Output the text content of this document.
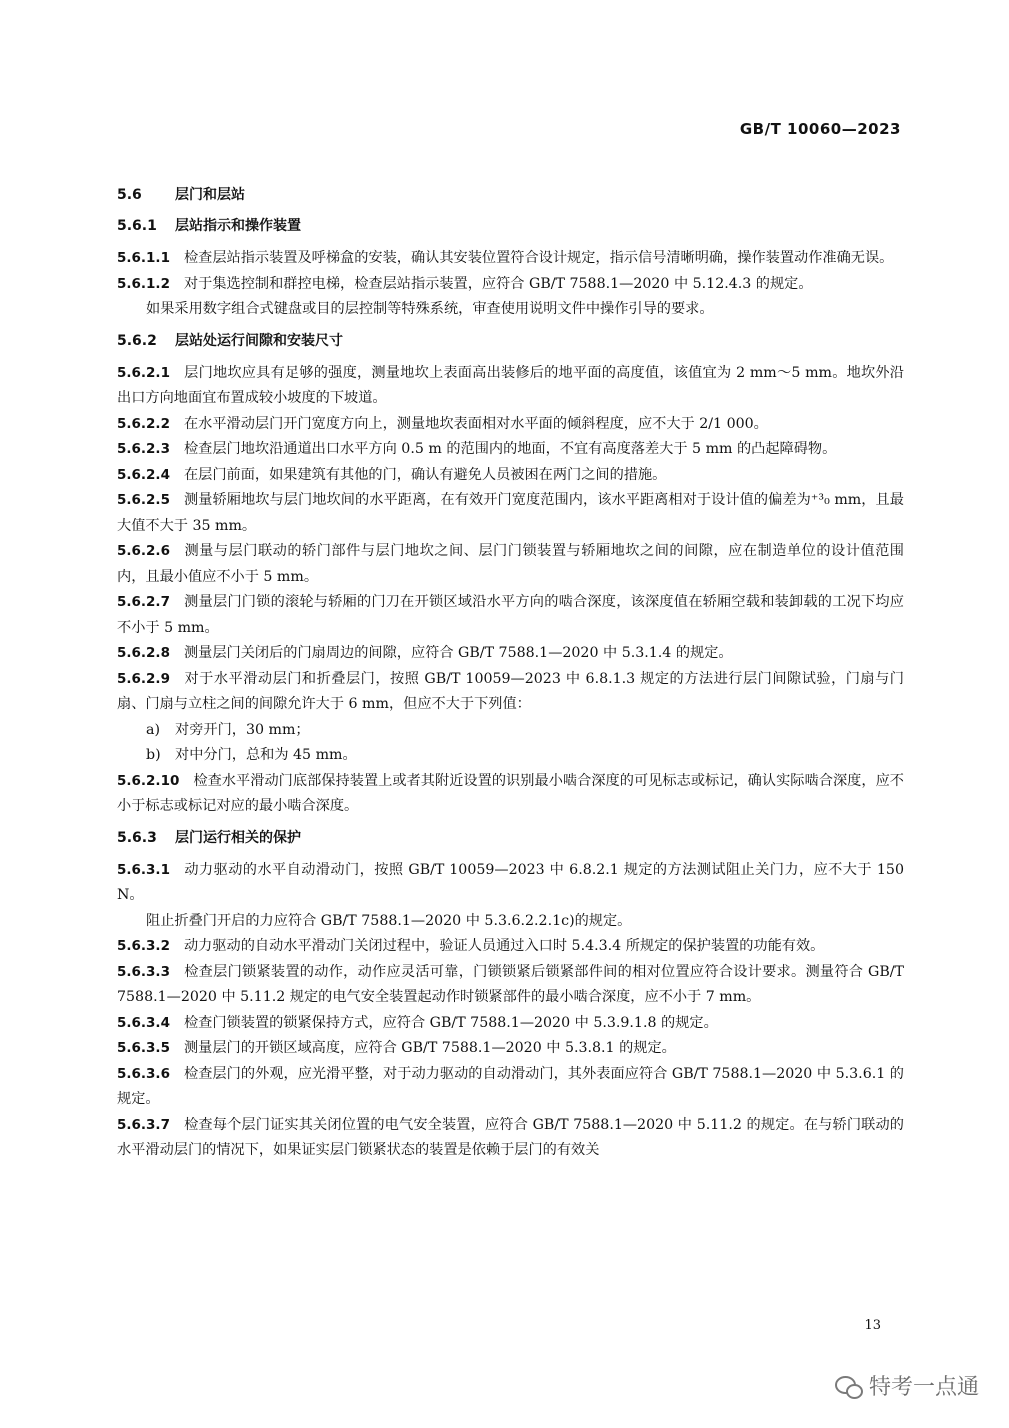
GB/T 10060—2023
5.6 层门和层站
5.6.1 层站指示和操作装置

5.6.1.1 检查层站指示装置及呼梯盒的安装，确认其安装位置符合设计规定，指示信号清晰明确，操作装置动作准确无误。

5.6.1.2 对于集选控制和群控电梯，检查层站指示装置，应符合 GB/T 7588.1—2020 中 5.12.4.3 的规定。

如果采用数字组合式键盘或目的层控制等特殊系统，审查使用说明文件中操作引导的要求。

5.6.2 层站处运行间隙和安装尺寸

5.6.2.1 层门地坎应具有足够的强度，测量地坎上表面高出装修后的地平面的高度值，该值宜为 2 mm～5 mm。地坎外沿出口方向地面宜布置成较小坡度的下坡道。

5.6.2.2 在水平滑动层门开门宽度方向上，测量地坎表面相对水平面的倾斜程度，应不大于 2/1 000。

5.6.2.3 检查层门地坎沿通道出口水平方向 0.5 m 的范围内的地面，不宜有高度落差大于 5 mm 的凸起障碍物。

5.6.2.4 在层门前面，如果建筑有其他的门，确认有避免人员被困在两门之间的措施。

5.6.2.5 测量轿厢地坎与层门地坎间的水平距离，在有效开门宽度范围内，该水平距离相对于设计值的偏差为⁺³₀ mm，且最大值不大于 35 mm。

5.6.2.6 测量与层门联动的轿门部件与层门地坎之间、层门门锁装置与轿厢地坎之间的间隙，应在制造单位的设计值范围内，且最小值应不小于 5 mm。

5.6.2.7 测量层门门锁的滚轮与轿厢的门刀在开锁区域沿水平方向的啮合深度，该深度值在轿厢空载和装卸载的工况下均应不小于 5 mm。

5.6.2.8 测量层门关闭后的门扇周边的间隙，应符合 GB/T 7588.1—2020 中 5.3.1.4 的规定。

5.6.2.9 对于水平滑动层门和折叠层门，按照 GB/T 10059—2023 中 6.8.1.3 规定的方法进行层门间隙试验，门扇与门扇、门扇与立柱之间的间隙允许大于 6 mm，但应不大于下列值：

a) 对旁开门，30 mm；

b) 对中分门，总和为 45 mm。

5.6.2.10 检查水平滑动门底部保持装置上或者其附近设置的识别最小啮合深度的可见标志或标记，确认实际啮合深度，应不小于标志或标记对应的最小啮合深度。

5.6.3 层门运行相关的保护

5.6.3.1 动力驱动的水平自动滑动门，按照 GB/T 10059—2023 中 6.8.2.1 规定的方法测试阻止关门力，应不大于 150 N。

阻止折叠门开启的力应符合 GB/T 7588.1—2020 中 5.3.6.2.2.1c)的规定。

5.6.3.2 动力驱动的自动水平滑动门关闭过程中，验证人员通过入口时 5.4.3.4 所规定的保护装置的功能有效。

5.6.3.3 检查层门锁紧装置的动作，动作应灵活可靠，门锁锁紧后锁紧部件间的相对位置应符合设计要求。测量符合 GB/T 7588.1—2020 中 5.11.2 规定的电气安全装置起动作时锁紧部件的最小啮合深度，应不小于 7 mm。

5.6.3.4 检查门锁装置的锁紧保持方式，应符合 GB/T 7588.1—2020 中 5.3.9.1.8 的规定。

5.6.3.5 测量层门的开锁区域高度，应符合 GB/T 7588.1—2020 中 5.3.8.1 的规定。

5.6.3.6 检查层门的外观，应光滑平整，对于动力驱动的自动滑动门，其外表面应符合 GB/T 7588.1—2020 中 5.3.6.1 的规定。

5.6.3.7 检查每个层门证实其关闭位置的电气安全装置，应符合 GB/T 7588.1—2020 中 5.11.2 的规定。在与轿门联动的水平滑动层门的情况下，如果证实层门锁紧状态的装置是依赖于层门的有效关

13
特考一点通
